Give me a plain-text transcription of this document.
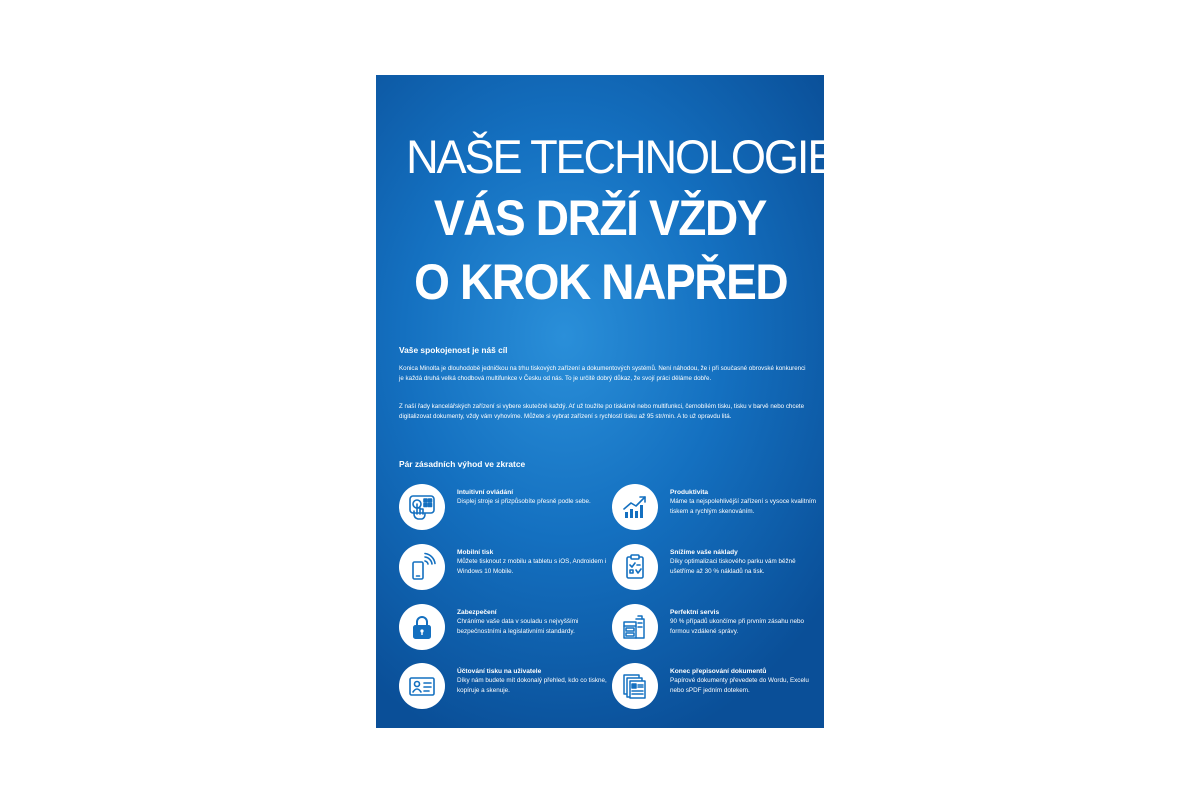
NAŠE TECHNOLOGIE
VÁS DRŽÍ VŽDY
O KROK NAPŘED
Vaše spokojenost je náš cíl
Konica Minolta je dlouhodobě jedničkou na trhu tiskových zařízení a dokumentových systémů. Není náhodou, že i při současné obrovské konkurenci je každá druhá velká chodbová multifunkce v Česku od nás. To je určitě dobrý důkaz, že svojí práci děláme dobře.
Z naší řady kancelářských zařízení si vybere skutečně každý. Ať už toužíte po tiskárně nebo multifunkci, černobílém tisku, tisku v barvě nebo chcete digitalizovat dokumenty, vždy vám vyhovíme. Můžete si vybrat zařízení s rychlostí tisku až 95 str/min. A to už opravdu litá.
Pár zásadních výhod ve zkratce
Intuitivní ovládání
Displej stroje si přizpůsobíte přesně podle sebe.
Produktivita
Máme ta nejspolehlivější zařízení s vysoce kvalitním tiskem a rychlým skenováním.
Mobilní tisk
Můžete tisknout z mobilu a tabletu s iOS, Androidem i Windows 10 Mobile.
Snížíme vaše náklady
Díky optimalizaci tiskového parku vám běžně ušetříme až 30 % nákladů na tisk.
Zabezpečení
Chráníme vaše data v souladu s nejvyššími bezpečnostními a legislativními standardy.
Perfektní servis
90 % případů ukončíme při prvním zásahu nebo formou vzdálené správy.
Účtování tisku na uživatele
Díky nám budete mít dokonalý přehled, kdo co tiskne, kopíruje a skenuje.
Konec přepisování dokumentů
Papírové dokumenty převedete do Wordu, Excelu nebo sPDF jedním dotekem.
